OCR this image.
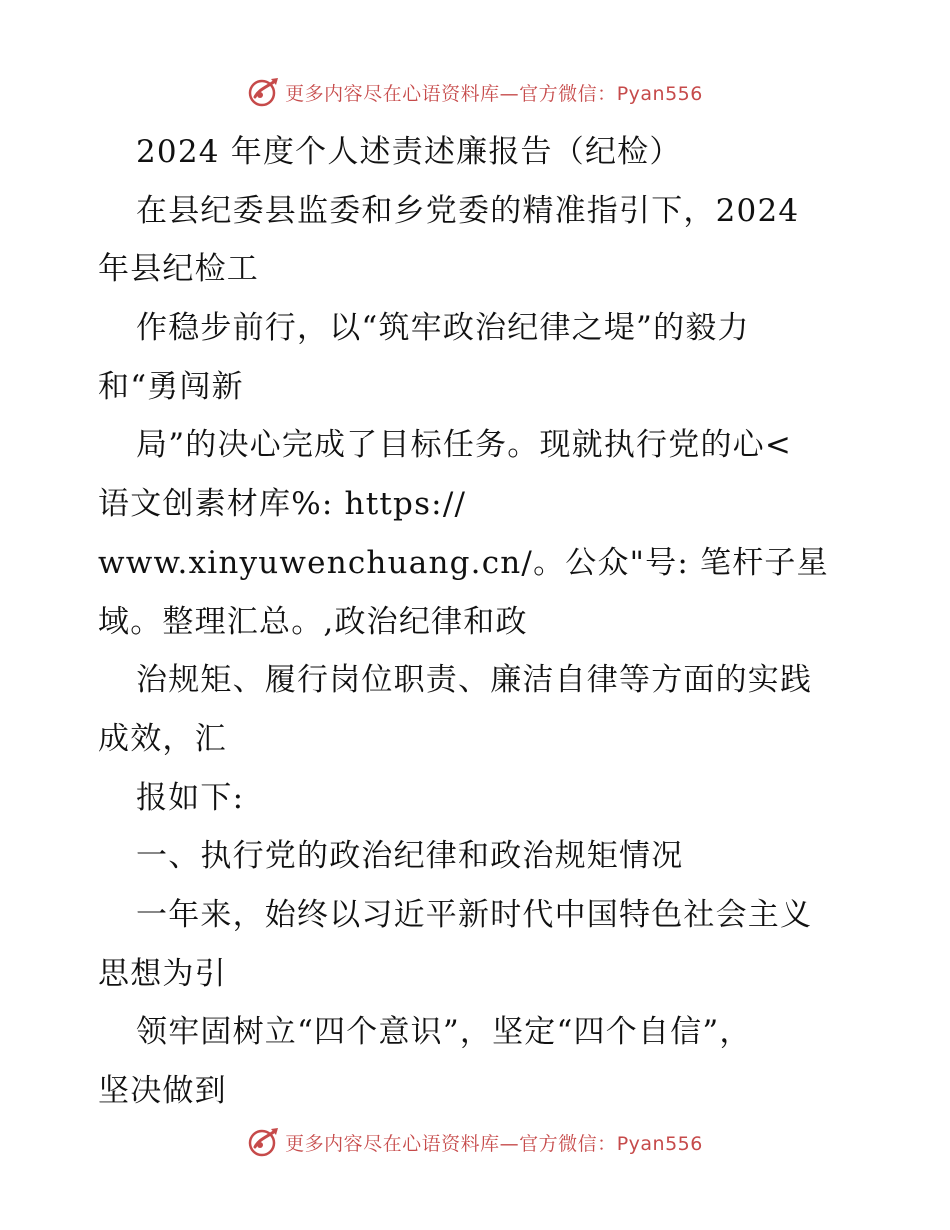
更多内容尽在心语资料库—官方微信：Pyan556
2024 年度个人述责述廉报告（纪检）
在县纪委县监委和乡党委的精准指引下，2024
年县纪检工
作稳步前行，以“筑牢政治纪律之堤”的毅力
和“勇闯新
局”的决心完成了目标任务。现就执行党的心<
语文创素材库%: https://
www.xinyuwenchuang.cn/。公众"号: 笔杆子星
域。整理汇总。,政治纪律和政
治规矩、履行岗位职责、廉洁自律等方面的实践
成效，汇
报如下:
一、执行党的政治纪律和政治规矩情况
一年来，始终以习近平新时代中国特色社会主义
思想为引
领牢固树立“四个意识”，坚定“四个自信”，
坚决做到
更多内容尽在心语资料库—官方微信：Pyan556
